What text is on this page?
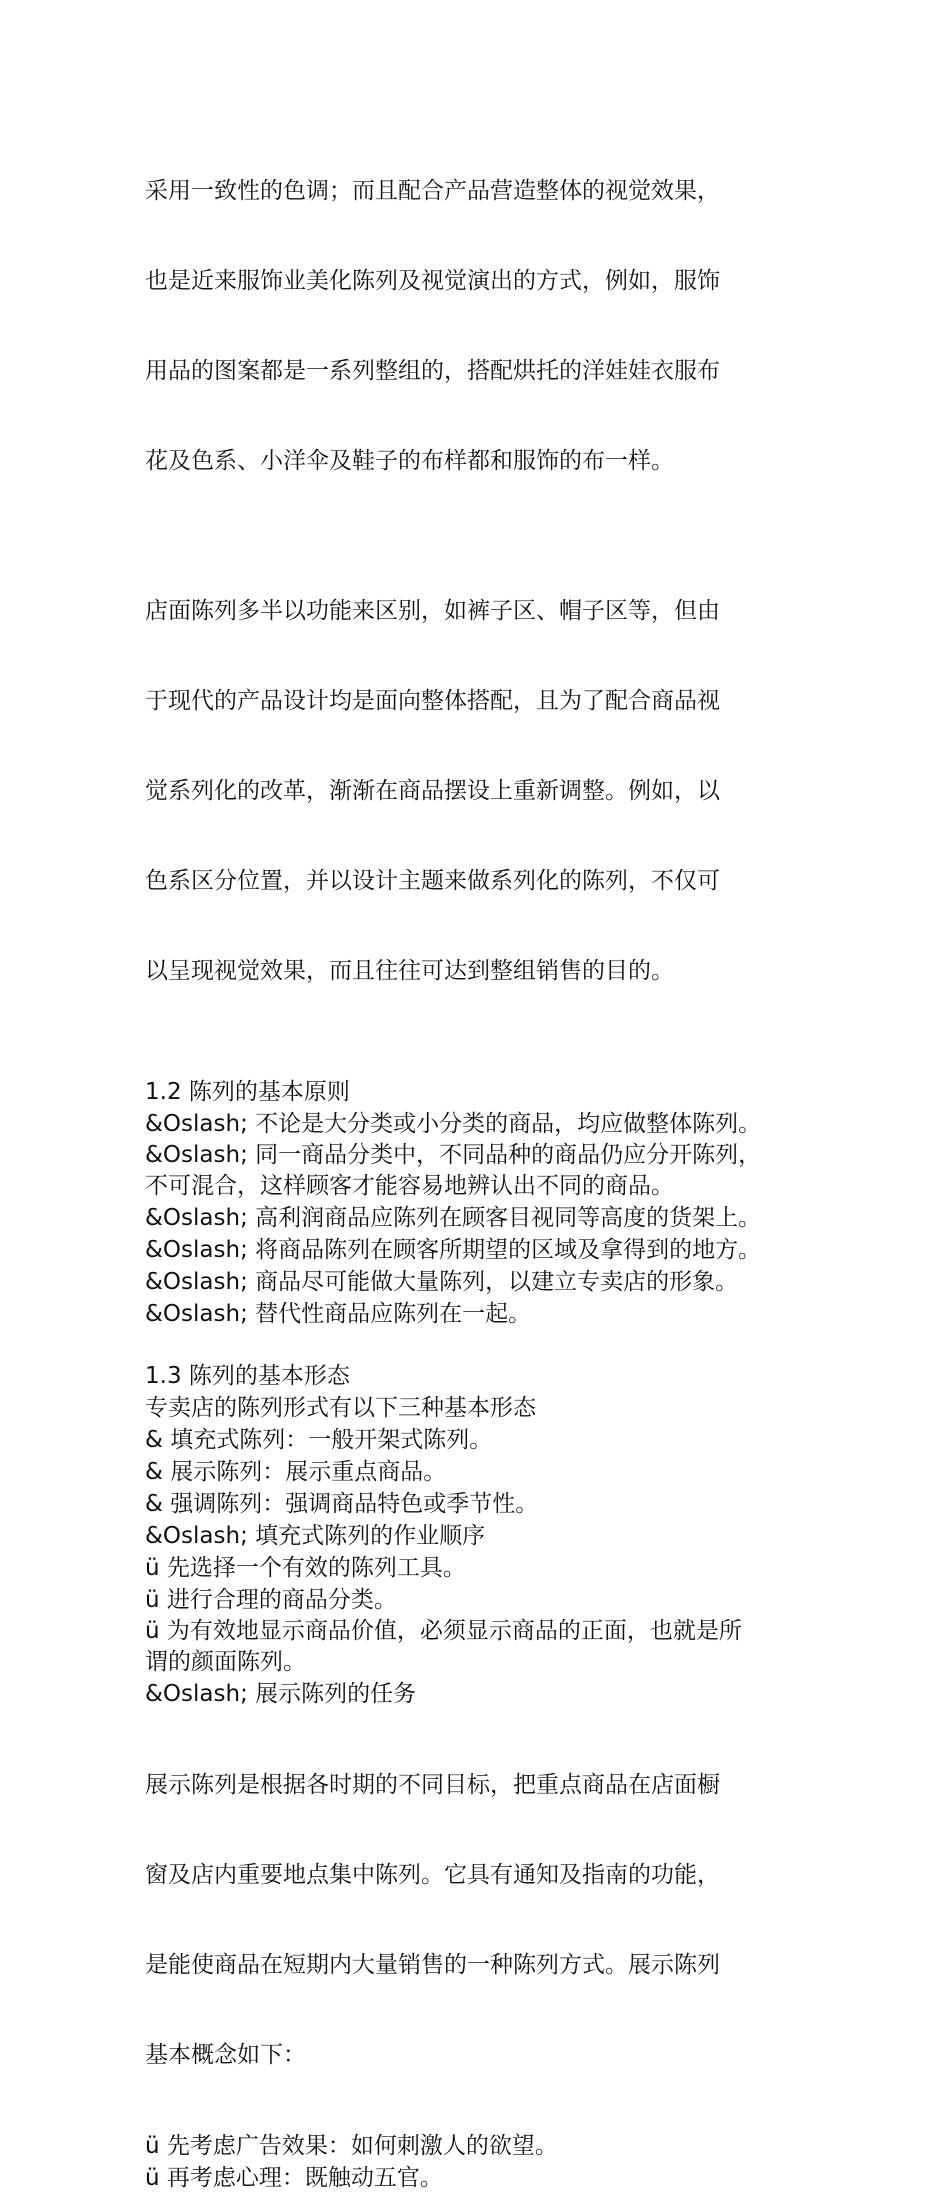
采用一致性的色调；而且配合产品营造整体的视觉效果，

也是近来服饰业美化陈列及视觉演出的方式，例如，服饰

用品的图案都是一系列整组的，搭配烘托的洋娃娃衣服布

花及色系、小洋伞及鞋子的布样都和服饰的布一样。

店面陈列多半以功能来区别，如裤子区、帽子区等，但由

于现代的产品设计均是面向整体搭配，且为了配合商品视

觉系列化的改革，渐渐在商品摆设上重新调整。例如，以

色系区分位置，并以设计主题来做系列化的陈列，不仅可

以呈现视觉效果，而且往往可达到整组销售的目的。

1.2 陈列的基本原则
&Oslash; 不论是大分类或小分类的商品，均应做整体陈列。
&Oslash; 同一商品分类中，不同品种的商品仍应分开陈列，
不可混合，这样顾客才能容易地辨认出不同的商品。
&Oslash; 高利润商品应陈列在顾客目视同等高度的货架上。
&Oslash; 将商品陈列在顾客所期望的区域及拿得到的地方。
&Oslash; 商品尽可能做大量陈列，以建立专卖店的形象。
&Oslash; 替代性商品应陈列在一起。
1.3 陈列的基本形态
专卖店的陈列形式有以下三种基本形态
& 填充式陈列：一般开架式陈列。
& 展示陈列：展示重点商品。
& 强调陈列：强调商品特色或季节性。
&Oslash; 填充式陈列的作业顺序
ü 先选择一个有效的陈列工具。
ü 进行合理的商品分类。
ü 为有效地显示商品价值，必须显示商品的正面，也就是所
谓的颜面陈列。
&Oslash; 展示陈列的任务

展示陈列是根据各时期的不同目标，把重点商品在店面橱

窗及店内重要地点集中陈列。它具有通知及指南的功能，

是能使商品在短期内大量销售的一种陈列方式。展示陈列

基本概念如下：

ü 先考虑广告效果：如何刺激人的欲望。
ü 再考虑心理：既触动五官。
